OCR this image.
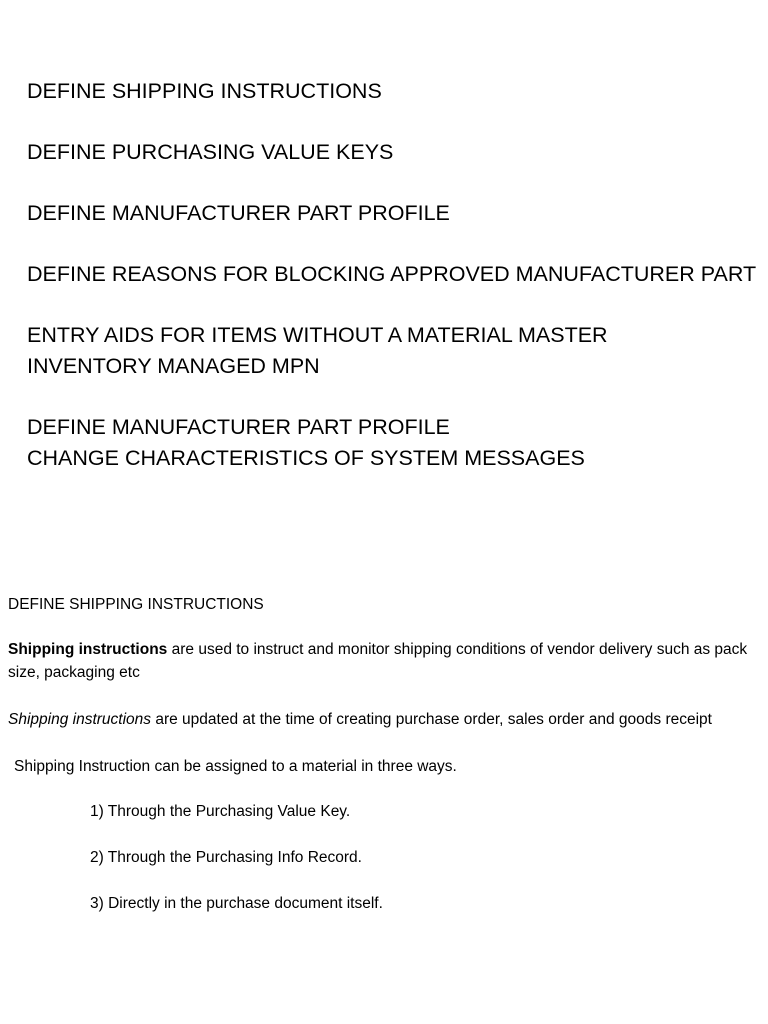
DEFINE SHIPPING INSTRUCTIONS
DEFINE PURCHASING VALUE KEYS
DEFINE MANUFACTURER PART PROFILE
DEFINE REASONS FOR BLOCKING APPROVED MANUFACTURER PART
ENTRY AIDS FOR ITEMS WITHOUT A MATERIAL MASTER
INVENTORY MANAGED MPN
DEFINE MANUFACTURER PART PROFILE
CHANGE CHARACTERISTICS OF SYSTEM MESSAGES
DEFINE SHIPPING INSTRUCTIONS

Shipping instructions are used to instruct and monitor shipping conditions of vendor delivery such as pack size, packaging etc

Shipping instructions are updated at the time of creating purchase order, sales order and goods receipt

Shipping Instruction can be assigned to a material in three ways.
1) Through the Purchasing Value Key.
2) Through the Purchasing Info Record.
3) Directly in the purchase document itself.
